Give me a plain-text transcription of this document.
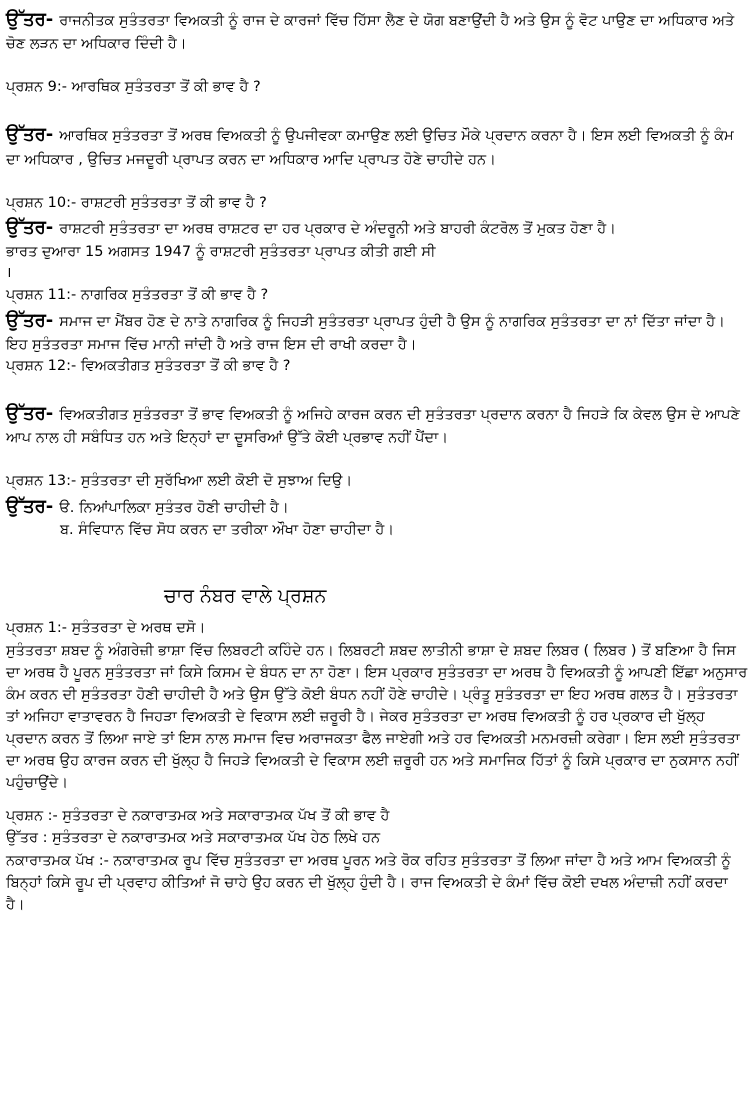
ਉੱਤਰ- ਰਾਜਨੀਤਕ ਸੁਤੰਤਰਤਾ ਵਿਅਕਤੀ ਨੂੰ ਰਾਜ ਦੇ ਕਾਰਜਾਂ ਵਿੱਚ ਹਿੱਸਾ ਲੈਣ ਦੇ ਯੋਗ ਬਣਾਉਂਦੀ ਹੈ ਅਤੇ ਉਸ ਨੂੰ ਵੋਟ ਪਾਉਣ ਦਾ ਅਧਿਕਾਰ ਅਤੇ ਚੋਣ ਲੜਨ ਦਾ ਅਧਿਕਾਰ ਦਿੰਦੀ ਹੈ।

ਪ੍ਰਸ਼ਨ 9:- ਆਰਥਿਕ ਸੁਤੰਤਰਤਾ ਤੋਂ ਕੀ ਭਾਵ ਹੈ ?

ਉੱਤਰ- ਆਰਥਿਕ ਸੁਤੰਤਰਤਾ ਤੋਂ ਅਰਥ ਵਿਅਕਤੀ ਨੂੰ ਉਪਜੀਵਕਾ ਕਮਾਉਣ ਲਈ ਉਚਿਤ ਮੌਕੇ ਪ੍ਰਦਾਨ ਕਰਨਾ ਹੈ। ਇਸ ਲਈ ਵਿਅਕਤੀ ਨੂੰ ਕੰਮ ਦਾ ਅਧਿਕਾਰ , ਉਚਿਤ ਮਜਦੂਰੀ ਪ੍ਰਾਪਤ ਕਰਨ ਦਾ ਅਧਿਕਾਰ ਆਦਿ ਪ੍ਰਾਪਤ ਹੋਣੇ ਚਾਹੀਦੇ ਹਨ।

ਪ੍ਰਸ਼ਨ 10:- ਰਾਸ਼ਟਰੀ ਸੁਤੰਤਰਤਾ ਤੋਂ ਕੀ ਭਾਵ ਹੈ ?

ਉੱਤਰ- ਰਾਸ਼ਟਰੀ ਸੁਤੰਤਰਤਾ ਦਾ ਅਰਥ ਰਾਸ਼ਟਰ ਦਾ ਹਰ ਪ੍ਰਕਾਰ ਦੇ ਅੰਦਰੂਨੀ ਅਤੇ ਬਾਹਰੀ ਕੰਟਰੋਲ ਤੋਂ ਮੁਕਤ ਹੋਣਾ ਹੈ।

ਭਾਰਤ ਦੁਆਰਾ 15 ਅਗਸਤ 1947 ਨੂੰ ਰਾਸ਼ਟਰੀ ਸੁਤੰਤਰਤਾ ਪ੍ਰਾਪਤ ਕੀਤੀ ਗਈ ਸੀ

।

ਪ੍ਰਸ਼ਨ 11:- ਨਾਗਰਿਕ ਸੁਤੰਤਰਤਾ ਤੋਂ ਕੀ ਭਾਵ ਹੈ ?

ਉੱਤਰ- ਸਮਾਜ ਦਾ ਮੈਂਬਰ ਹੋਣ ਦੇ ਨਾਤੇ ਨਾਗਰਿਕ ਨੂੰ ਜਿਹੜੀ ਸੁਤੰਤਰਤਾ ਪ੍ਰਾਪਤ ਹੁੰਦੀ ਹੈ ਉਸ ਨੂੰ ਨਾਗਰਿਕ ਸੁਤੰਤਰਤਾ ਦਾ ਨਾਂ ਦਿੱਤਾ ਜਾਂਦਾ ਹੈ। ਇਹ ਸੁਤੰਤਰਤਾ ਸਮਾਜ ਵਿੱਚ ਮਾਨੀ ਜਾਂਦੀ ਹੈ ਅਤੇ ਰਾਜ ਇਸ ਦੀ ਰਾਖੀ ਕਰਦਾ ਹੈ।

ਪ੍ਰਸ਼ਨ 12:- ਵਿਅਕਤੀਗਤ ਸੁਤੰਤਰਤਾ ਤੋਂ ਕੀ ਭਾਵ ਹੈ ?

ਉੱਤਰ- ਵਿਅਕਤੀਗਤ ਸੁਤੰਤਰਤਾ ਤੋਂ ਭਾਵ ਵਿਅਕਤੀ ਨੂੰ ਅਜਿਹੇ ਕਾਰਜ ਕਰਨ ਦੀ ਸੁਤੰਤਰਤਾ ਪ੍ਰਦਾਨ ਕਰਨਾ ਹੈ ਜਿਹੜੇ ਕਿ ਕੇਵਲ ਉਸ ਦੇ ਆਪਣੇ ਆਪ ਨਾਲ ਹੀ ਸਬੰਧਿਤ ਹਨ ਅਤੇ ਇਨ੍ਹਾਂ ਦਾ ਦੂਸਰਿਆਂ ਉੱਤੇ ਕੋਈ ਪ੍ਰਭਾਵ ਨਹੀਂ ਪੈਂਦਾ।

ਪ੍ਰਸ਼ਨ 13:- ਸੁਤੰਤਰਤਾ ਦੀ ਸੁਰੱਖਿਆ ਲਈ ਕੋਈ ਦੋ ਸੁਝਾਅ ਦਿਉ।

ਉੱਤਰ- ੳ. ਨਿਆਂਪਾਲਿਕਾ ਸੁਤੰਤਰ ਹੋਣੀ ਚਾਹੀਦੀ ਹੈ।

ਬ. ਸੰਵਿਧਾਨ ਵਿੱਚ ਸੋਧ ਕਰਨ ਦਾ ਤਰੀਕਾ ਔਖਾ ਹੋਣਾ ਚਾਹੀਦਾ ਹੈ।

ਚਾਰ ਨੰਬਰ ਵਾਲੇ ਪ੍ਰਸ਼ਨ

ਪ੍ਰਸ਼ਨ 1:- ਸੁਤੰਤਰਤਾ ਦੇ ਅਰਥ ਦਸੋ।

ਸੁਤੰਤਰਤਾ ਸ਼ਬਦ ਨੂੰ ਅੰਗਰੇਜ਼ੀ ਭਾਸ਼ਾ ਵਿੱਚ ਲਿਬਰਟੀ ਕਹਿੰਦੇ ਹਨ। ਲਿਬਰਟੀ ਸ਼ਬਦ ਲਾਤੀਨੀ ਭਾਸ਼ਾ ਦੇ ਸ਼ਬਦ ਲਿਬਰ ( ਲਿਬਰ ) ਤੋਂ ਬਣਿਆ ਹੈ ਜਿਸ ਦਾ ਅਰਥ ਹੈ ਪੂਰਨ ਸੁਤੰਤਰਤਾ ਜਾਂ ਕਿਸੇ ਕਿਸਮ ਦੇ ਬੰਧਨ ਦਾ ਨਾ ਹੋਣਾ। ਇਸ ਪ੍ਰਕਾਰ ਸੁਤੰਤਰਤਾ ਦਾ ਅਰਥ ਹੈ ਵਿਅਕਤੀ ਨੂੰ ਆਪਣੀ ਇੱਛਾ ਅਨੁਸਾਰ ਕੰਮ ਕਰਨ ਦੀ ਸੁਤੰਤਰਤਾ ਹੋਣੀ ਚਾਹੀਦੀ ਹੈ ਅਤੇ ਉਸ ਉੱਤੇ ਕੋਈ ਬੰਧਨ ਨਹੀਂ ਹੋਣੇ ਚਾਹੀਦੇ। ਪ੍ਰੰਤੂ ਸੁਤੰਤਰਤਾ ਦਾ ਇਹ ਅਰਥ ਗਲਤ ਹੈ। ਸੁਤੰਤਰਤਾ ਤਾਂ ਅਜਿਹਾ ਵਾਤਾਵਰਨ ਹੈ ਜਿਹੜਾ ਵਿਅਕਤੀ ਦੇ ਵਿਕਾਸ ਲਈ ਜ਼ਰੂਰੀ ਹੈ। ਜੇਕਰ ਸੁਤੰਤਰਤਾ ਦਾ ਅਰਥ ਵਿਅਕਤੀ ਨੂੰ ਹਰ ਪ੍ਰਕਾਰ ਦੀ ਖੁੱਲ੍ਹ ਪ੍ਰਦਾਨ ਕਰਨ ਤੋਂ ਲਿਆ ਜਾਏ ਤਾਂ ਇਸ ਨਾਲ ਸਮਾਜ ਵਿਚ ਅਰਾਜਕਤਾ ਫੈਲ ਜਾਏਗੀ ਅਤੇ ਹਰ ਵਿਅਕਤੀ ਮਨਮਰਜ਼ੀ ਕਰੇਗਾ। ਇਸ ਲਈ ਸੁਤੰਤਰਤਾ ਦਾ ਅਰਥ ਉਹ ਕਾਰਜ ਕਰਨ ਦੀ ਖੁੱਲ੍ਹ ਹੈ ਜਿਹੜੇ ਵਿਅਕਤੀ ਦੇ ਵਿਕਾਸ ਲਈ ਜ਼ਰੂਰੀ ਹਨ ਅਤੇ ਸਮਾਜਿਕ ਹਿੱਤਾਂ ਨੂੰ ਕਿਸੇ ਪ੍ਰਕਾਰ ਦਾ ਨੁਕਸਾਨ ਨਹੀਂ ਪਹੁੰਚਾਉਂਦੇ।

ਪ੍ਰਸ਼ਨ :- ਸੁਤੰਤਰਤਾ ਦੇ ਨਕਾਰਾਤਮਕ ਅਤੇ ਸਕਾਰਾਤਮਕ ਪੱਖ ਤੋਂ ਕੀ ਭਾਵ ਹੈ

ਉੱਤਰ : ਸੁਤੰਤਰਤਾ ਦੇ ਨਕਾਰਾਤਮਕ ਅਤੇ ਸਕਾਰਾਤਮਕ ਪੱਖ ਹੇਠ ਲਿਖੇ ਹਨ

ਨਕਾਰਾਤਮਕ ਪੱਖ :- ਨਕਾਰਾਤਮਕ ਰੂਪ ਵਿੱਚ ਸੁਤੰਤਰਤਾ ਦਾ ਅਰਥ ਪੂਰਨ ਅਤੇ ਰੋਕ ਰਹਿਤ ਸੁਤੰਤਰਤਾ ਤੋਂ ਲਿਆ ਜਾਂਦਾ ਹੈ ਅਤੇ ਆਮ ਵਿਅਕਤੀ ਨੂੰ ਬਿਨ੍ਹਾਂ ਕਿਸੇ ਰੂਪ ਦੀ ਪ੍ਰਵਾਹ ਕੀਤਿਆਂ ਜੋ ਚਾਹੇ ਉਹ ਕਰਨ ਦੀ ਖੁੱਲ੍ਹ ਹੁੰਦੀ ਹੈ। ਰਾਜ ਵਿਅਕਤੀ ਦੇ ਕੰਮਾਂ ਵਿੱਚ ਕੋਈ ਦਖਲ ਅੰਦਾਜ਼ੀ ਨਹੀਂ ਕਰਦਾ ਹੈ।
